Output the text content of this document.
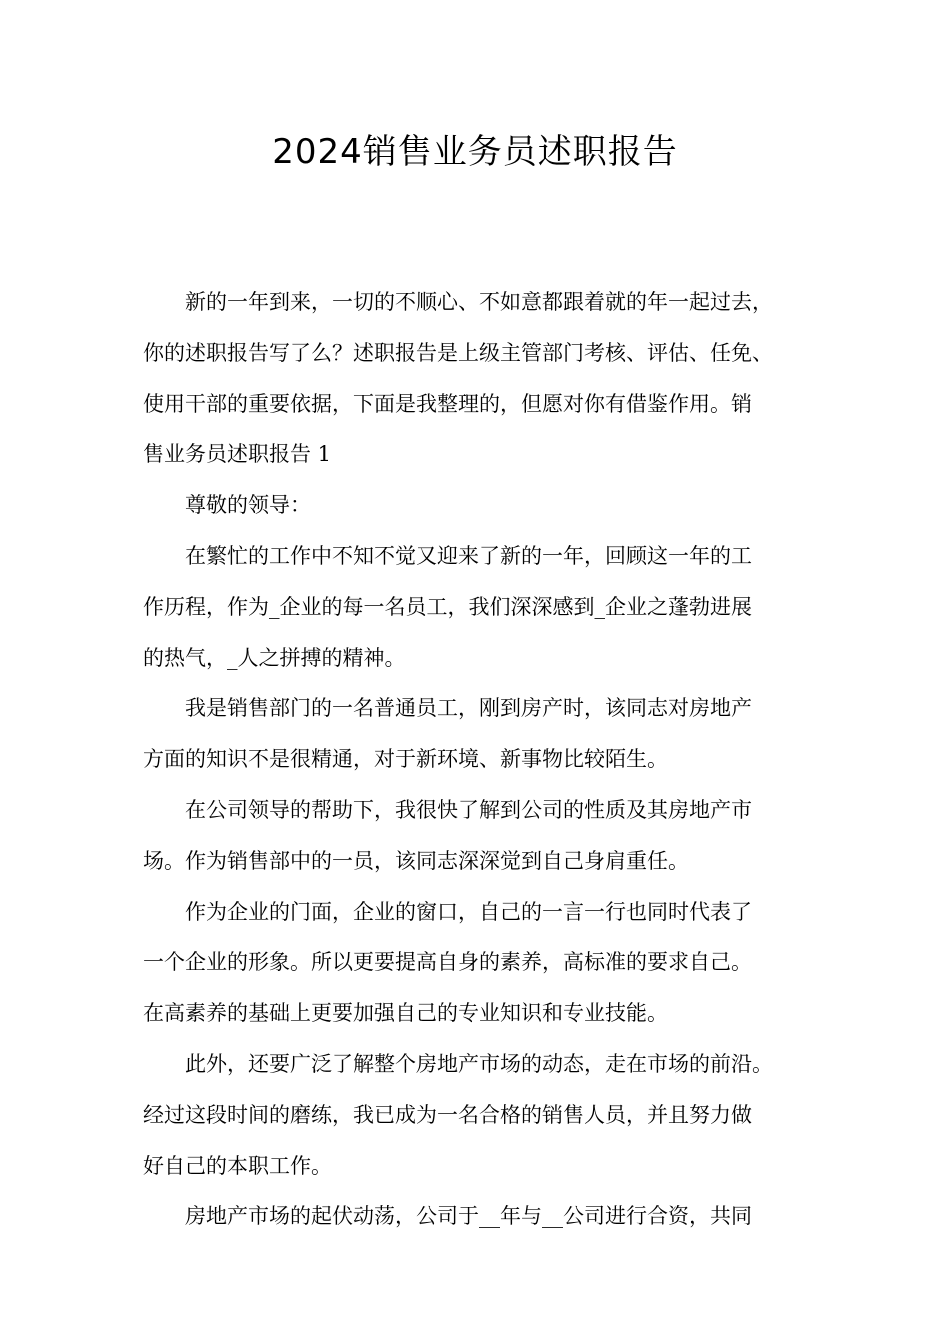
2024销售业务员述职报告

新的一年到来，一切的不顺心、不如意都跟着就的年一起过去，
你的述职报告写了么？述职报告是上级主管部门考核、评估、任免、
使用干部的重要依据，下面是我整理的，但愿对你有借鉴作用。销
售业务员述职报告 1

尊敬的领导：

在繁忙的工作中不知不觉又迎来了新的一年，回顾这一年的工
作历程，作为_企业的每一名员工，我们深深感到_企业之蓬勃进展
的热气，_人之拼搏的精神。

我是销售部门的一名普通员工，刚到房产时，该同志对房地产
方面的知识不是很精通，对于新环境、新事物比较陌生。

在公司领导的帮助下，我很快了解到公司的性质及其房地产市
场。作为销售部中的一员，该同志深深觉到自己身肩重任。

作为企业的门面，企业的窗口，自己的一言一行也同时代表了
一个企业的形象。所以更要提高自身的素养，高标准的要求自己。
在高素养的基础上更要加强自己的专业知识和专业技能。

此外，还要广泛了解整个房地产市场的动态，走在市场的前沿。
经过这段时间的磨练，我已成为一名合格的销售人员，并且努力做
好自己的本职工作。

房地产市场的起伏动荡，公司于__年与__公司进行合资，共同
